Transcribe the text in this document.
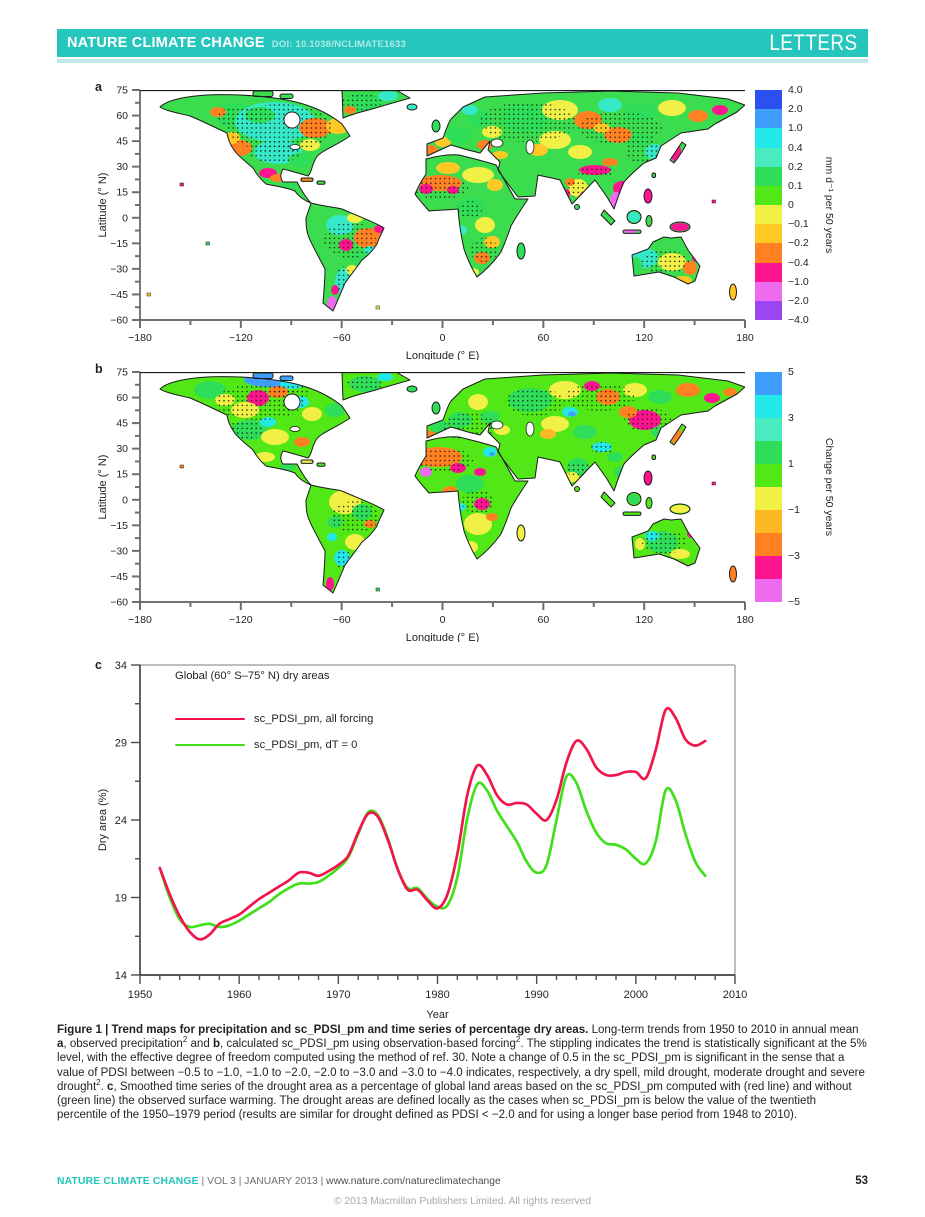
NATURE CLIMATE CHANGE DOI: 10.1038/NCLIMATE1633	LETTERS
a
Latitude (° N)
75
60
45
30
15
0
−15
−30
−45
−60
−180	−120	−60	0	60	120	180
Longitude (° E)
4.0
2.0
1.0
0.4
0.2
0.1
0
−0.1
−0.2
−0.4
−1.0
−2.0
−4.0
mm d⁻¹ per 50 years
b
Latitude (° N)
75
60
45
30
15
0
−15
−30
−45
−60
−180	−120	−60	0	60	120	180
Longitude (° E)
5
3
1
−1
−3
−5
Change per 50 years
c
Dry area (%)
34
29
24
19
14
1950	1960	1970	1980	1990	2000	2010
Year
Global (60° S–75° N) dry areas
sc_PDSI_pm, all forcing
sc_PDSI_pm, dT = 0
Figure 1 | Trend maps for precipitation and sc_PDSI_pm and time series of percentage dry areas. Long-term trends from 1950 to 2010 in annual mean a, observed precipitation$^2$ and b, calculated sc_PDSI_pm using observation-based forcing$^2$. The stippling indicates the trend is statistically significant at the 5% level, with the effective degree of freedom computed using the method of ref. 30. Note a change of 0.5 in the sc_PDSI_pm is significant in the sense that a value of PDSI between −0.5 to −1.0, −1.0 to −2.0, −2.0 to −3.0 and −3.0 to −4.0 indicates, respectively, a dry spell, mild drought, moderate drought and severe drought$^2$. c, Smoothed time series of the drought area as a percentage of global land areas based on the sc_PDSI_pm computed with (red line) and without (green line) the observed surface warming. The drought areas are defined locally as the cases when sc_PDSI_pm is below the value of the twentieth percentile of the 1950–1979 period (results are similar for drought defined as PDSI < −2.0 and for using a longer base period from 1948 to 2010).
NATURE CLIMATE CHANGE | VOL 3 | JANUARY 2013 | www.nature.com/natureclimatechange	53
© 2013 Macmillan Publishers Limited. All rights reserved
